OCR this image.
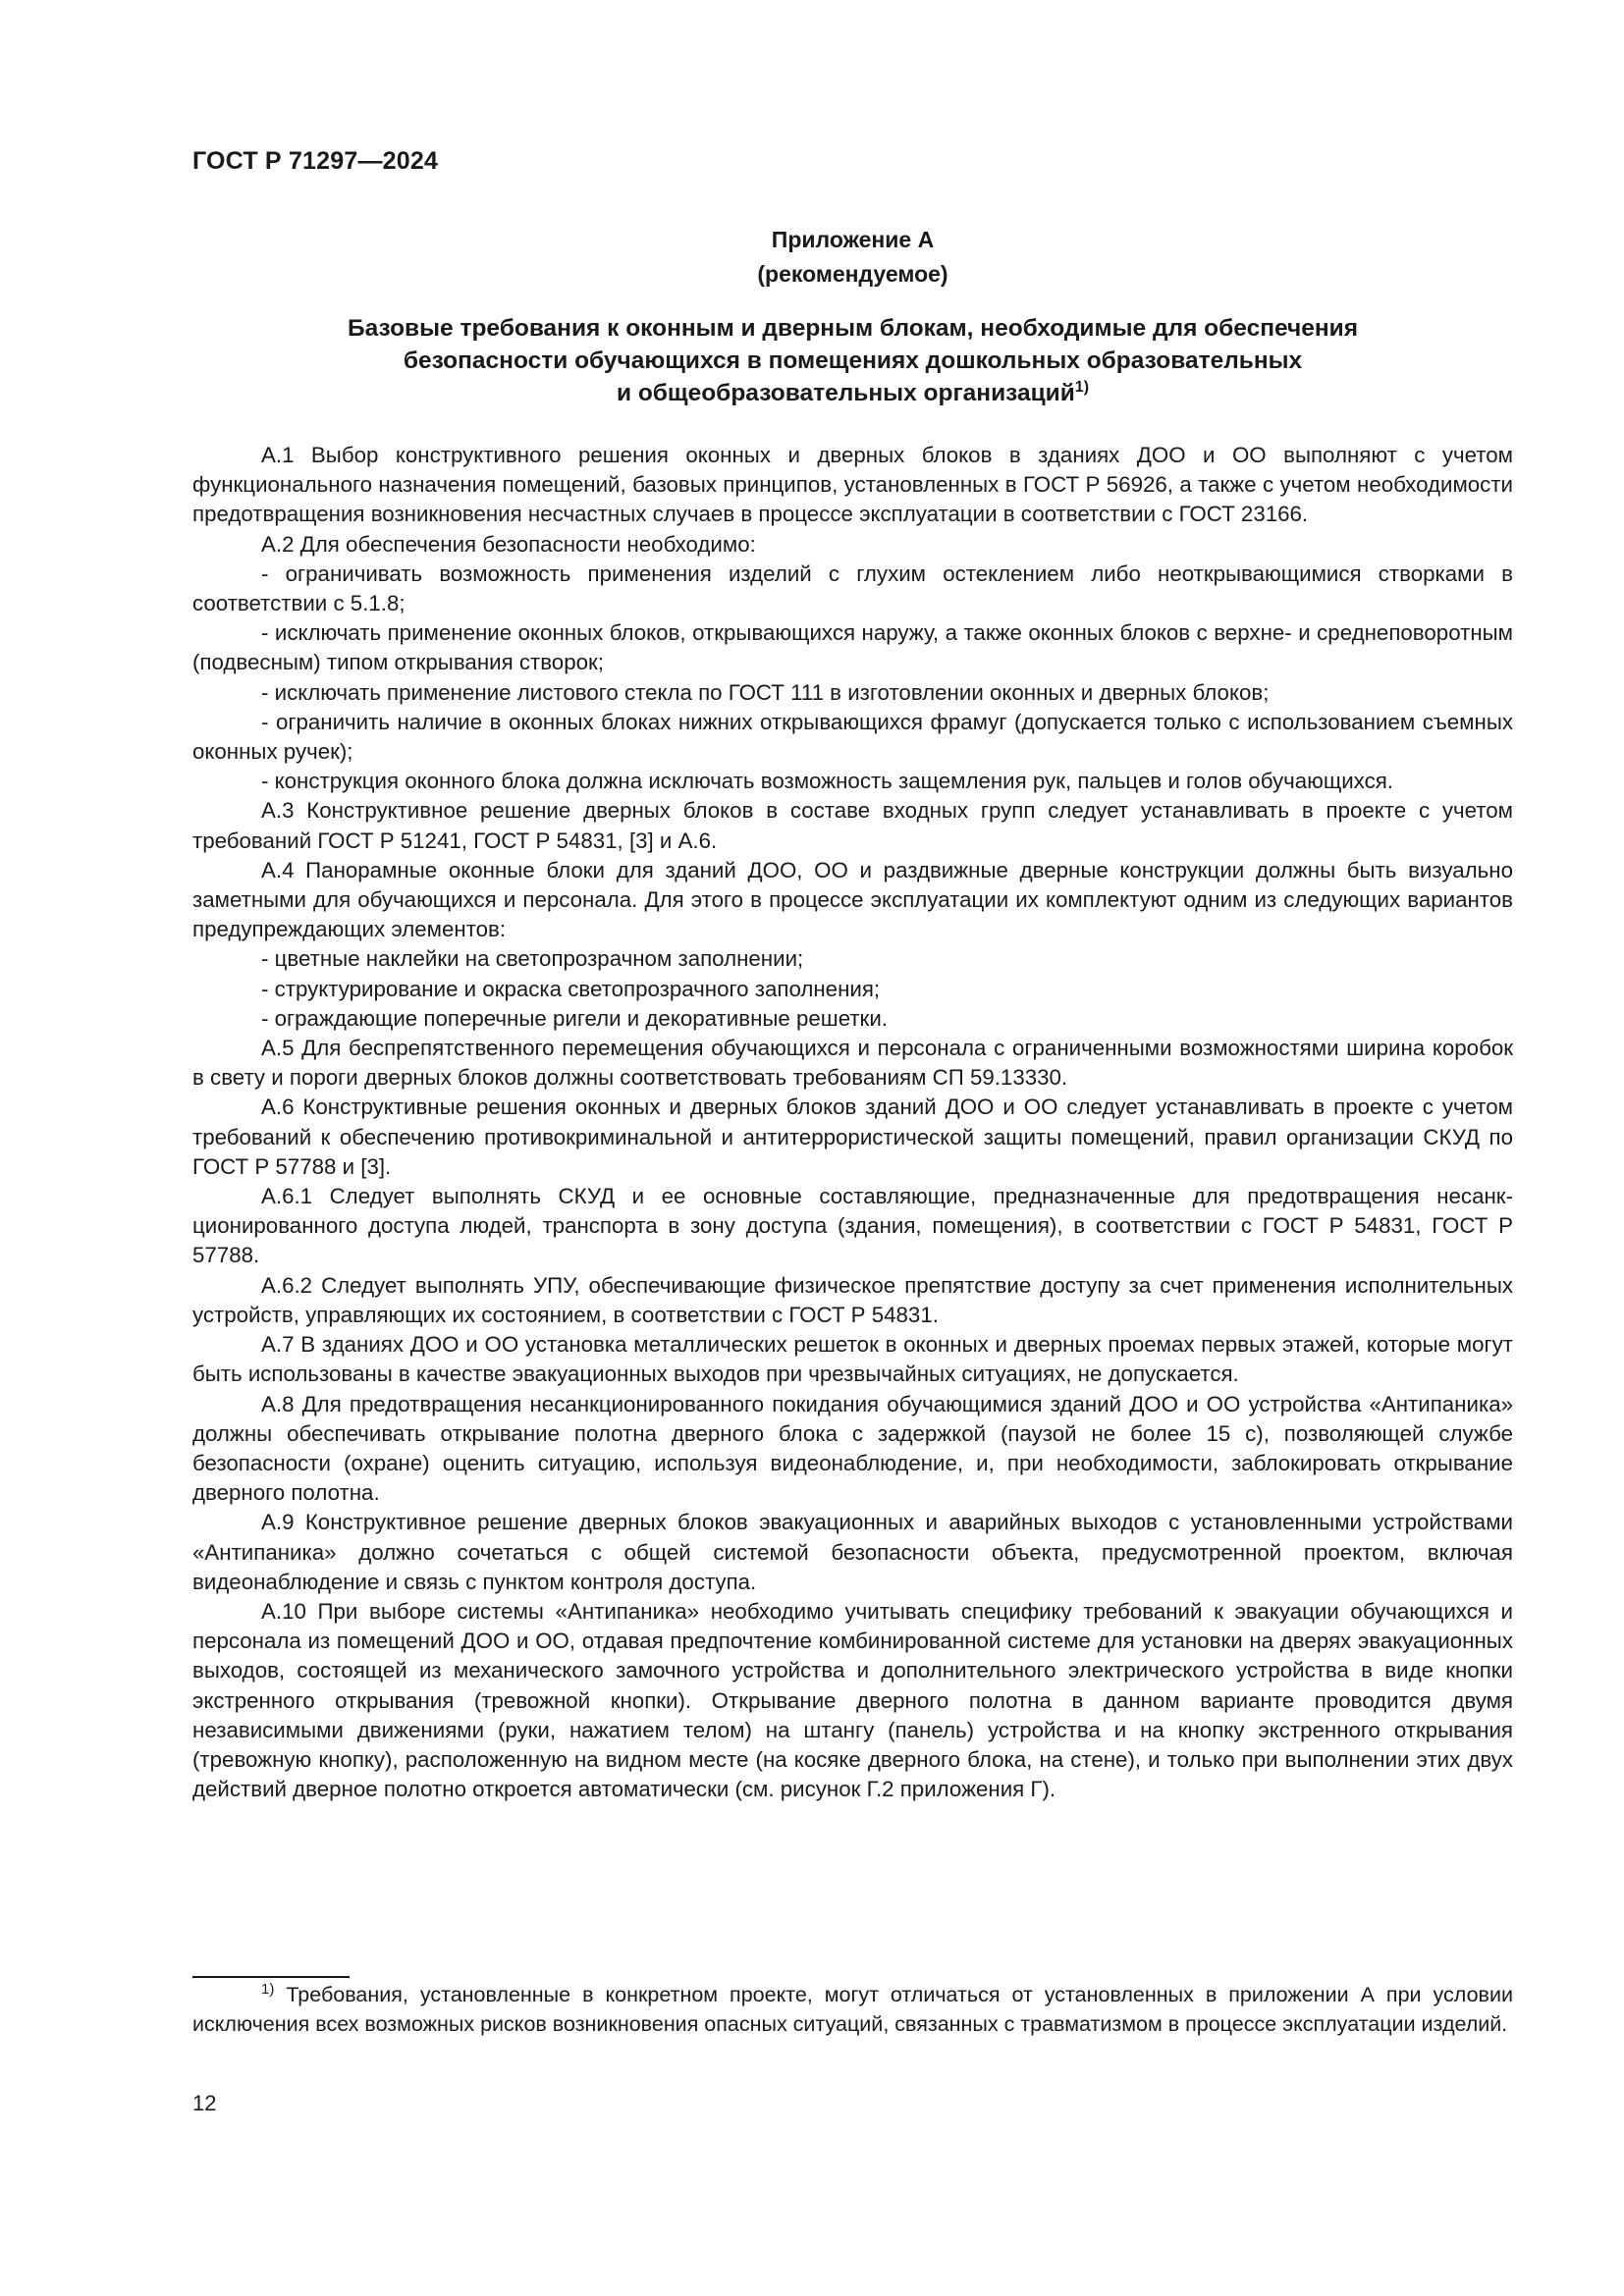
ГОСТ Р 71297—2024
Приложение А
(рекомендуемое)
Базовые требования к оконным и дверным блокам, необходимые для обеспечения
безопасности обучающихся в помещениях дошкольных образовательных
и общеобразовательных организаций$^{1)}$

А.1 Выбор конструктивного решения оконных и дверных блоков в зданиях ДОО и ОО выполняют с учетом функционального назначения помещений, базовых принципов, установленных в ГОСТ Р 56926, а также с учетом необходимости предотвращения возникновения несчастных случаев в процессе эксплуатации в соответствии с ГОСТ 23166.

А.2 Для обеспечения безопасности необходимо:

- ограничивать возможность применения изделий с глухим остеклением либо неоткрывающимися створками в соответствии с 5.1.8;

- исключать применение оконных блоков, открывающихся наружу, а также оконных блоков с верхне- и среднеповоротным (подвесным) типом открывания створок;

- исключать применение листового стекла по ГОСТ 111 в изготовлении оконных и дверных блоков;

- ограничить наличие в оконных блоках нижних открывающихся фрамуг (допускается только с использованием съемных оконных ручек);

- конструкция оконного блока должна исключать возможность защемления рук, пальцев и голов обучающихся.

А.3 Конструктивное решение дверных блоков в составе входных групп следует устанавливать в проекте с учетом требований ГОСТ Р 51241, ГОСТ Р 54831, [3] и А.6.

А.4 Панорамные оконные блоки для зданий ДОО, ОО и раздвижные дверные конструкции должны быть визуально заметными для обучающихся и персонала. Для этого в процессе эксплуатации их комплектуют одним из следующих вариантов предупреждающих элементов:

- цветные наклейки на светопрозрачном заполнении;

- структурирование и окраска светопрозрачного заполнения;

- ограждающие поперечные ригели и декоративные решетки.

А.5 Для беспрепятственного перемещения обучающихся и персонала с ограниченными возможностями ширина коробок в свету и пороги дверных блоков должны соответствовать требованиям СП 59.13330.

А.6 Конструктивные решения оконных и дверных блоков зданий ДОО и ОО следует устанавливать в проекте с учетом требований к обеспечению противокриминальной и антитеррористической защиты помещений, правил организации СКУД по ГОСТ Р 57788 и [3].

А.6.1 Следует выполнять СКУД и ее основные составляющие, предназначенные для предотвращения несанкционированного доступа людей, транспорта в зону доступа (здания, помещения), в соответствии с ГОСТ Р 54831, ГОСТ Р 57788.

А.6.2 Следует выполнять УПУ, обеспечивающие физическое препятствие доступу за счет применения исполнительных устройств, управляющих их состоянием, в соответствии с ГОСТ Р 54831.

А.7 В зданиях ДОО и ОО установка металлических решеток в оконных и дверных проемах первых этажей, которые могут быть использованы в качестве эвакуационных выходов при чрезвычайных ситуациях, не допускается.

А.8 Для предотвращения несанкционированного покидания обучающимися зданий ДОО и ОО устройства «Антипаника» должны обеспечивать открывание полотна дверного блока с задержкой (паузой не более 15 с), позволяющей службе безопасности (охране) оценить ситуацию, используя видеонаблюдение, и, при необходимости, заблокировать открывание дверного полотна.

А.9 Конструктивное решение дверных блоков эвакуационных и аварийных выходов с установленными устройствами «Антипаника» должно сочетаться с общей системой безопасности объекта, предусмотренной проектом, включая видеонаблюдение и связь с пунктом контроля доступа.

А.10 При выборе системы «Антипаника» необходимо учитывать специфику требований к эвакуации обучающихся и персонала из помещений ДОО и ОО, отдавая предпочтение комбинированной системе для установки на дверях эвакуационных выходов, состоящей из механического замочного устройства и дополнительного электрического устройства в виде кнопки экстренного открывания (тревожной кнопки). Открывание дверного полотна в данном варианте проводится двумя независимыми движениями (руки, нажатием телом) на штангу (панель) устройства и на кнопку экстренного открывания (тревожную кнопку), расположенную на видном месте (на косяке дверного блока, на стене), и только при выполнении этих двух действий дверное полотно откроется автоматически (см. рисунок Г.2 приложения Г).

$^{1)}$ Требования, установленные в конкретном проекте, могут отличаться от установленных в приложении А при условии исключения всех возможных рисков возникновения опасных ситуаций, связанных с травматизмом в процессе эксплуатации изделий.

12
